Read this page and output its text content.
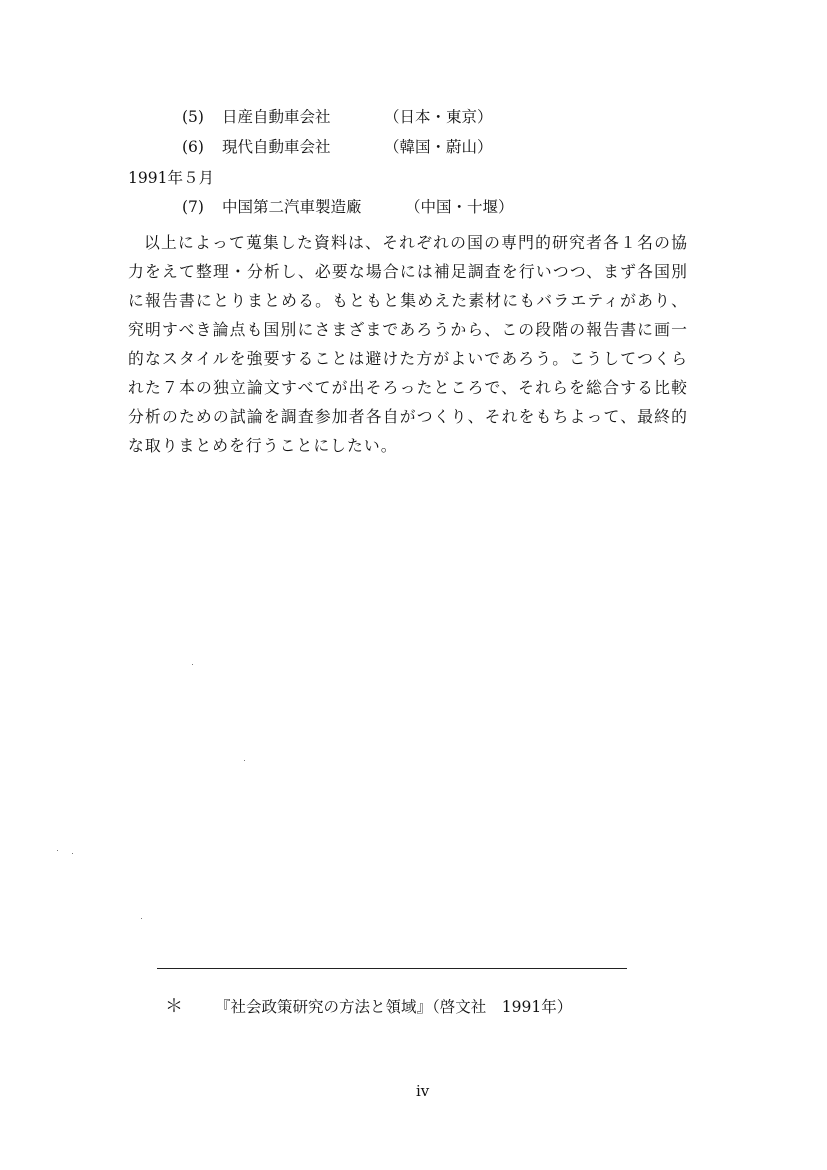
(5) 日産自動車会社	（日本・東京）
(6) 現代自動車会社	（韓国・蔚山）
1991年５月
(7) 中国第二汽車製造廠	（中国・十堰）

以上によって蒐集した資料は、それぞれの国の専門的研究者各１名の協力をえて整理・分析し、必要な場合には補足調査を行いつつ、まず各国別に報告書にとりまとめる。もともと集めえた素材にもバラエティがあり、究明すべき論点も国別にさまざまであろうから、この段階の報告書に画一的なスタイルを強要することは避けた方がよいであろう。こうしてつくられた７本の独立論文すべてが出そろったところで、それらを総合する比較分析のための試論を調査参加者各自がつくり、それをもちよって、最終的な取りまとめを行うことにしたい。

＊ 『社会政策研究の方法と領域』（啓文社　1991年）
iv
